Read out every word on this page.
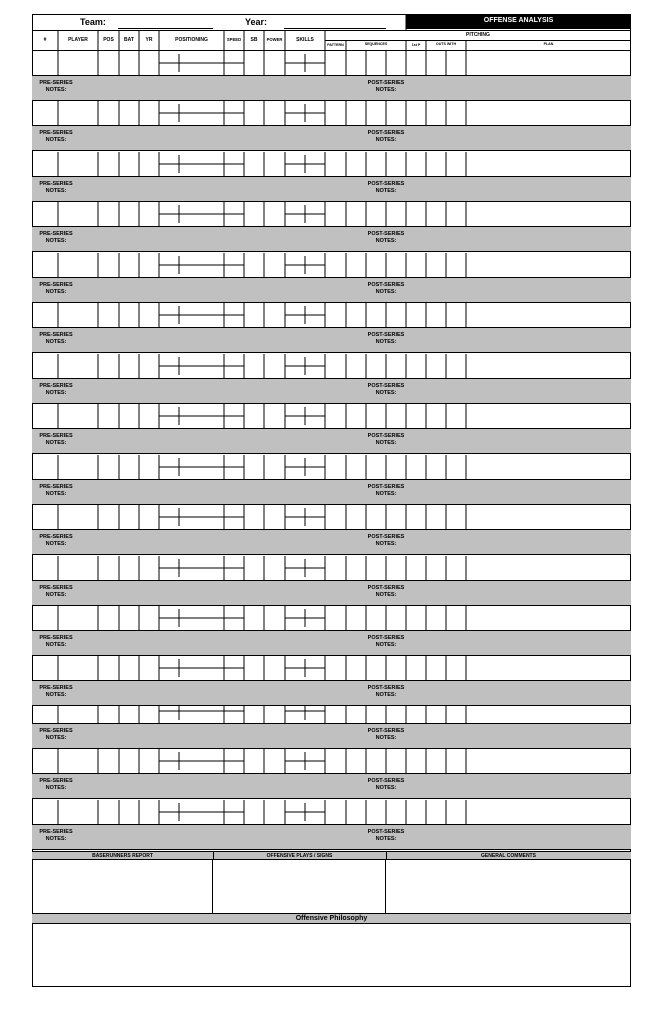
Team:	Year:	OFFENSE ANALYSIS
#	PLAYER	POS	BAT	YR	POSITIONING	SPEED	SB	POWER	SKILLS
PITCHING
PATTERN	SEQUENCES	1st P	OUTS WITH	PLAN
PRE-SERIES
NOTES:
POST-SERIES
NOTES:
PRE-SERIES
NOTES:
POST-SERIES
NOTES:
PRE-SERIES
NOTES:
POST-SERIES
NOTES:
PRE-SERIES
NOTES:
POST-SERIES
NOTES:
PRE-SERIES
NOTES:
POST-SERIES
NOTES:
PRE-SERIES
NOTES:
POST-SERIES
NOTES:
PRE-SERIES
NOTES:
POST-SERIES
NOTES:
PRE-SERIES
NOTES:
POST-SERIES
NOTES:
PRE-SERIES
NOTES:
POST-SERIES
NOTES:
PRE-SERIES
NOTES:
POST-SERIES
NOTES:
PRE-SERIES
NOTES:
POST-SERIES
NOTES:
PRE-SERIES
NOTES:
POST-SERIES
NOTES:
PRE-SERIES
NOTES:
POST-SERIES
NOTES:
PRE-SERIES
NOTES:
POST-SERIES
NOTES:
PRE-SERIES
NOTES:
POST-SERIES
NOTES:
PRE-SERIES
NOTES:
POST-SERIES
NOTES:
BASERUNNERS REPORT	OFFENSIVE PLAYS / SIGNS	GENERAL COMMENTS
Offensive Philosophy
